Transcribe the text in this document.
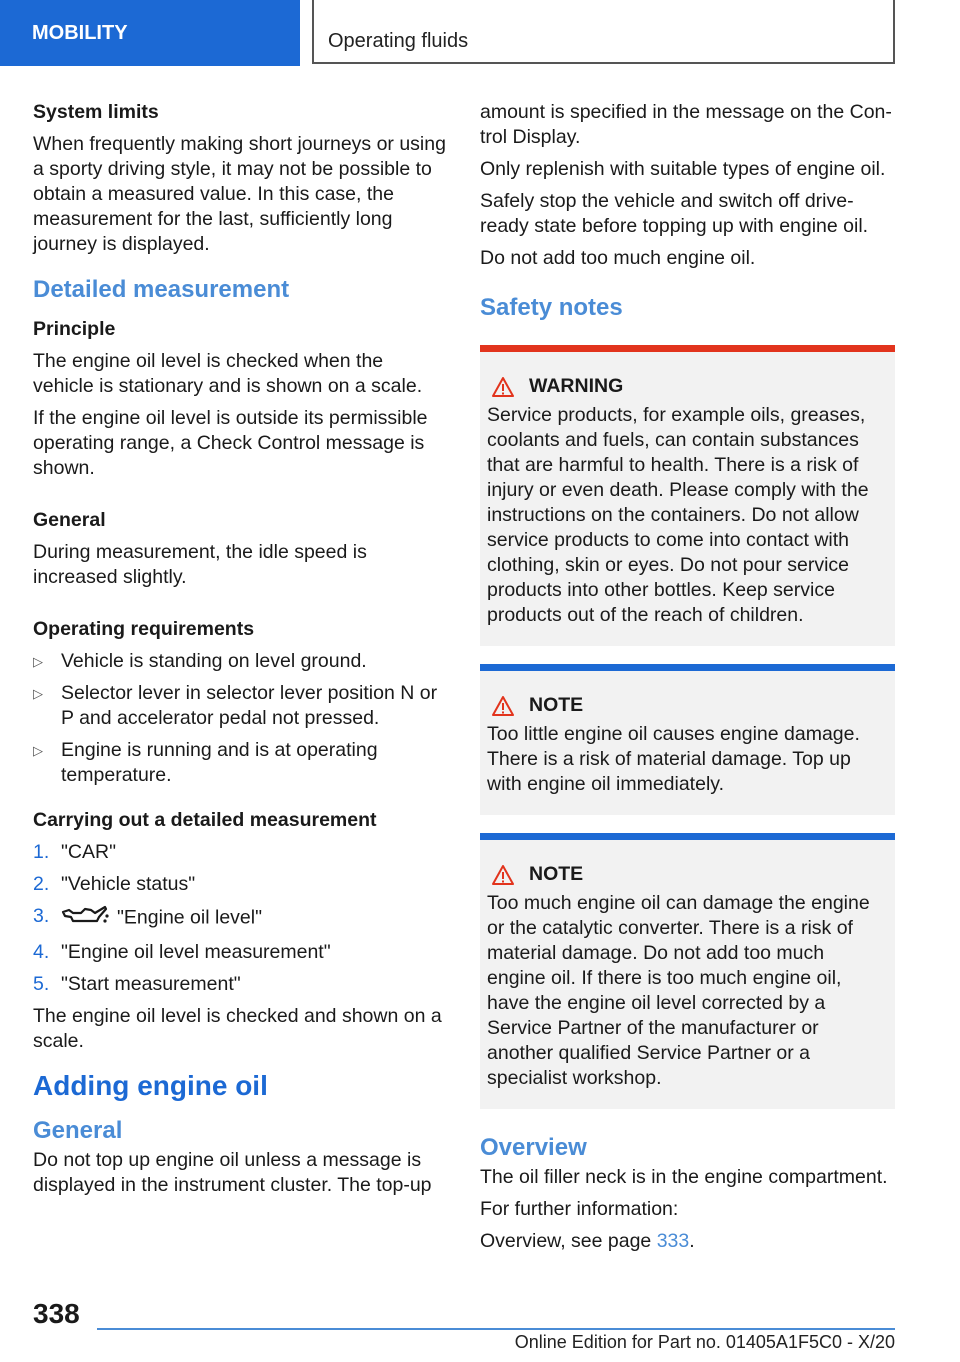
MOBILITY	Operating fluids

System limits

When frequently making short journeys or using a sporty driving style, it may not be possible to obtain a measured value. In this case, the measurement for the last, sufficiently long journey is displayed.

Detailed measurement

Principle

The engine oil level is checked when the vehicle is stationary and is shown on a scale.

If the engine oil level is outside its permissible operating range, a Check Control message is shown.

General

During measurement, the idle speed is increased slightly.

Operating requirements

▷ Vehicle is standing on level ground.
▷ Selector lever in selector lever position N or P and accelerator pedal not pressed.
▷ Engine is running and is at operating temperature.

Carrying out a detailed measurement

1. "CAR"
2. "Vehicle status"
3.	"Engine oil level"
4. "Engine oil level measurement"
5. "Start measurement"

The engine oil level is checked and shown on a scale.

Adding engine oil
General

Do not top up engine oil unless a message is displayed in the instrument cluster. The top-up

amount is specified in the message on the Control Display.

Only replenish with suitable types of engine oil.

Safely stop the vehicle and switch off drive-ready state before topping up with engine oil.

Do not add too much engine oil.

Safety notes
WARNING

Service products, for example oils, greases, coolants and fuels, can contain substances that are harmful to health. There is a risk of injury or even death. Please comply with the instructions on the containers. Do not allow service products to come into contact with clothing, skin or eyes. Do not pour service products into other bottles. Keep service products out of the reach of children.

NOTE

Too little engine oil causes engine damage. There is a risk of material damage. Top up with engine oil immediately.

NOTE

Too much engine oil can damage the engine or the catalytic converter. There is a risk of material damage. Do not add too much engine oil. If there is too much engine oil, have the engine oil level corrected by a Service Partner of the manufacturer or another qualified Service Partner or a specialist workshop.

Overview

The oil filler neck is in the engine compartment.

For further information:

Overview, see page 333.

338
Online Edition for Part no. 01405A1F5C0 - X/20
